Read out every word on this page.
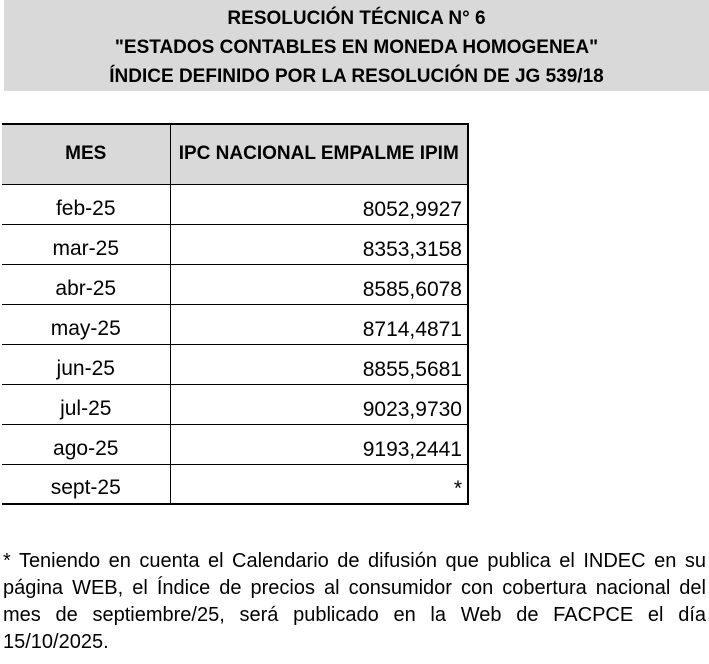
RESOLUCIÓN TÉCNICA N° 6
"ESTADOS CONTABLES EN MONEDA HOMOGENEA"
ÍNDICE DEFINIDO POR LA RESOLUCIÓN DE JG 539/18
MES	IPC NACIONAL EMPALME IPIM
feb-25	8052,9927
mar-25	8353,3158
abr-25	8585,6078
may-25	8714,4871
jun-25	8855,5681
jul-25	9023,9730
ago-25	9193,2441
sept-25	*
* Teniendo en cuenta el Calendario de difusión que publica el INDEC en su página WEB, el Índice de precios al consumidor con cobertura nacional del mes de septiembre/25, será publicado en la Web de FACPCE el día 15/10/2025.
